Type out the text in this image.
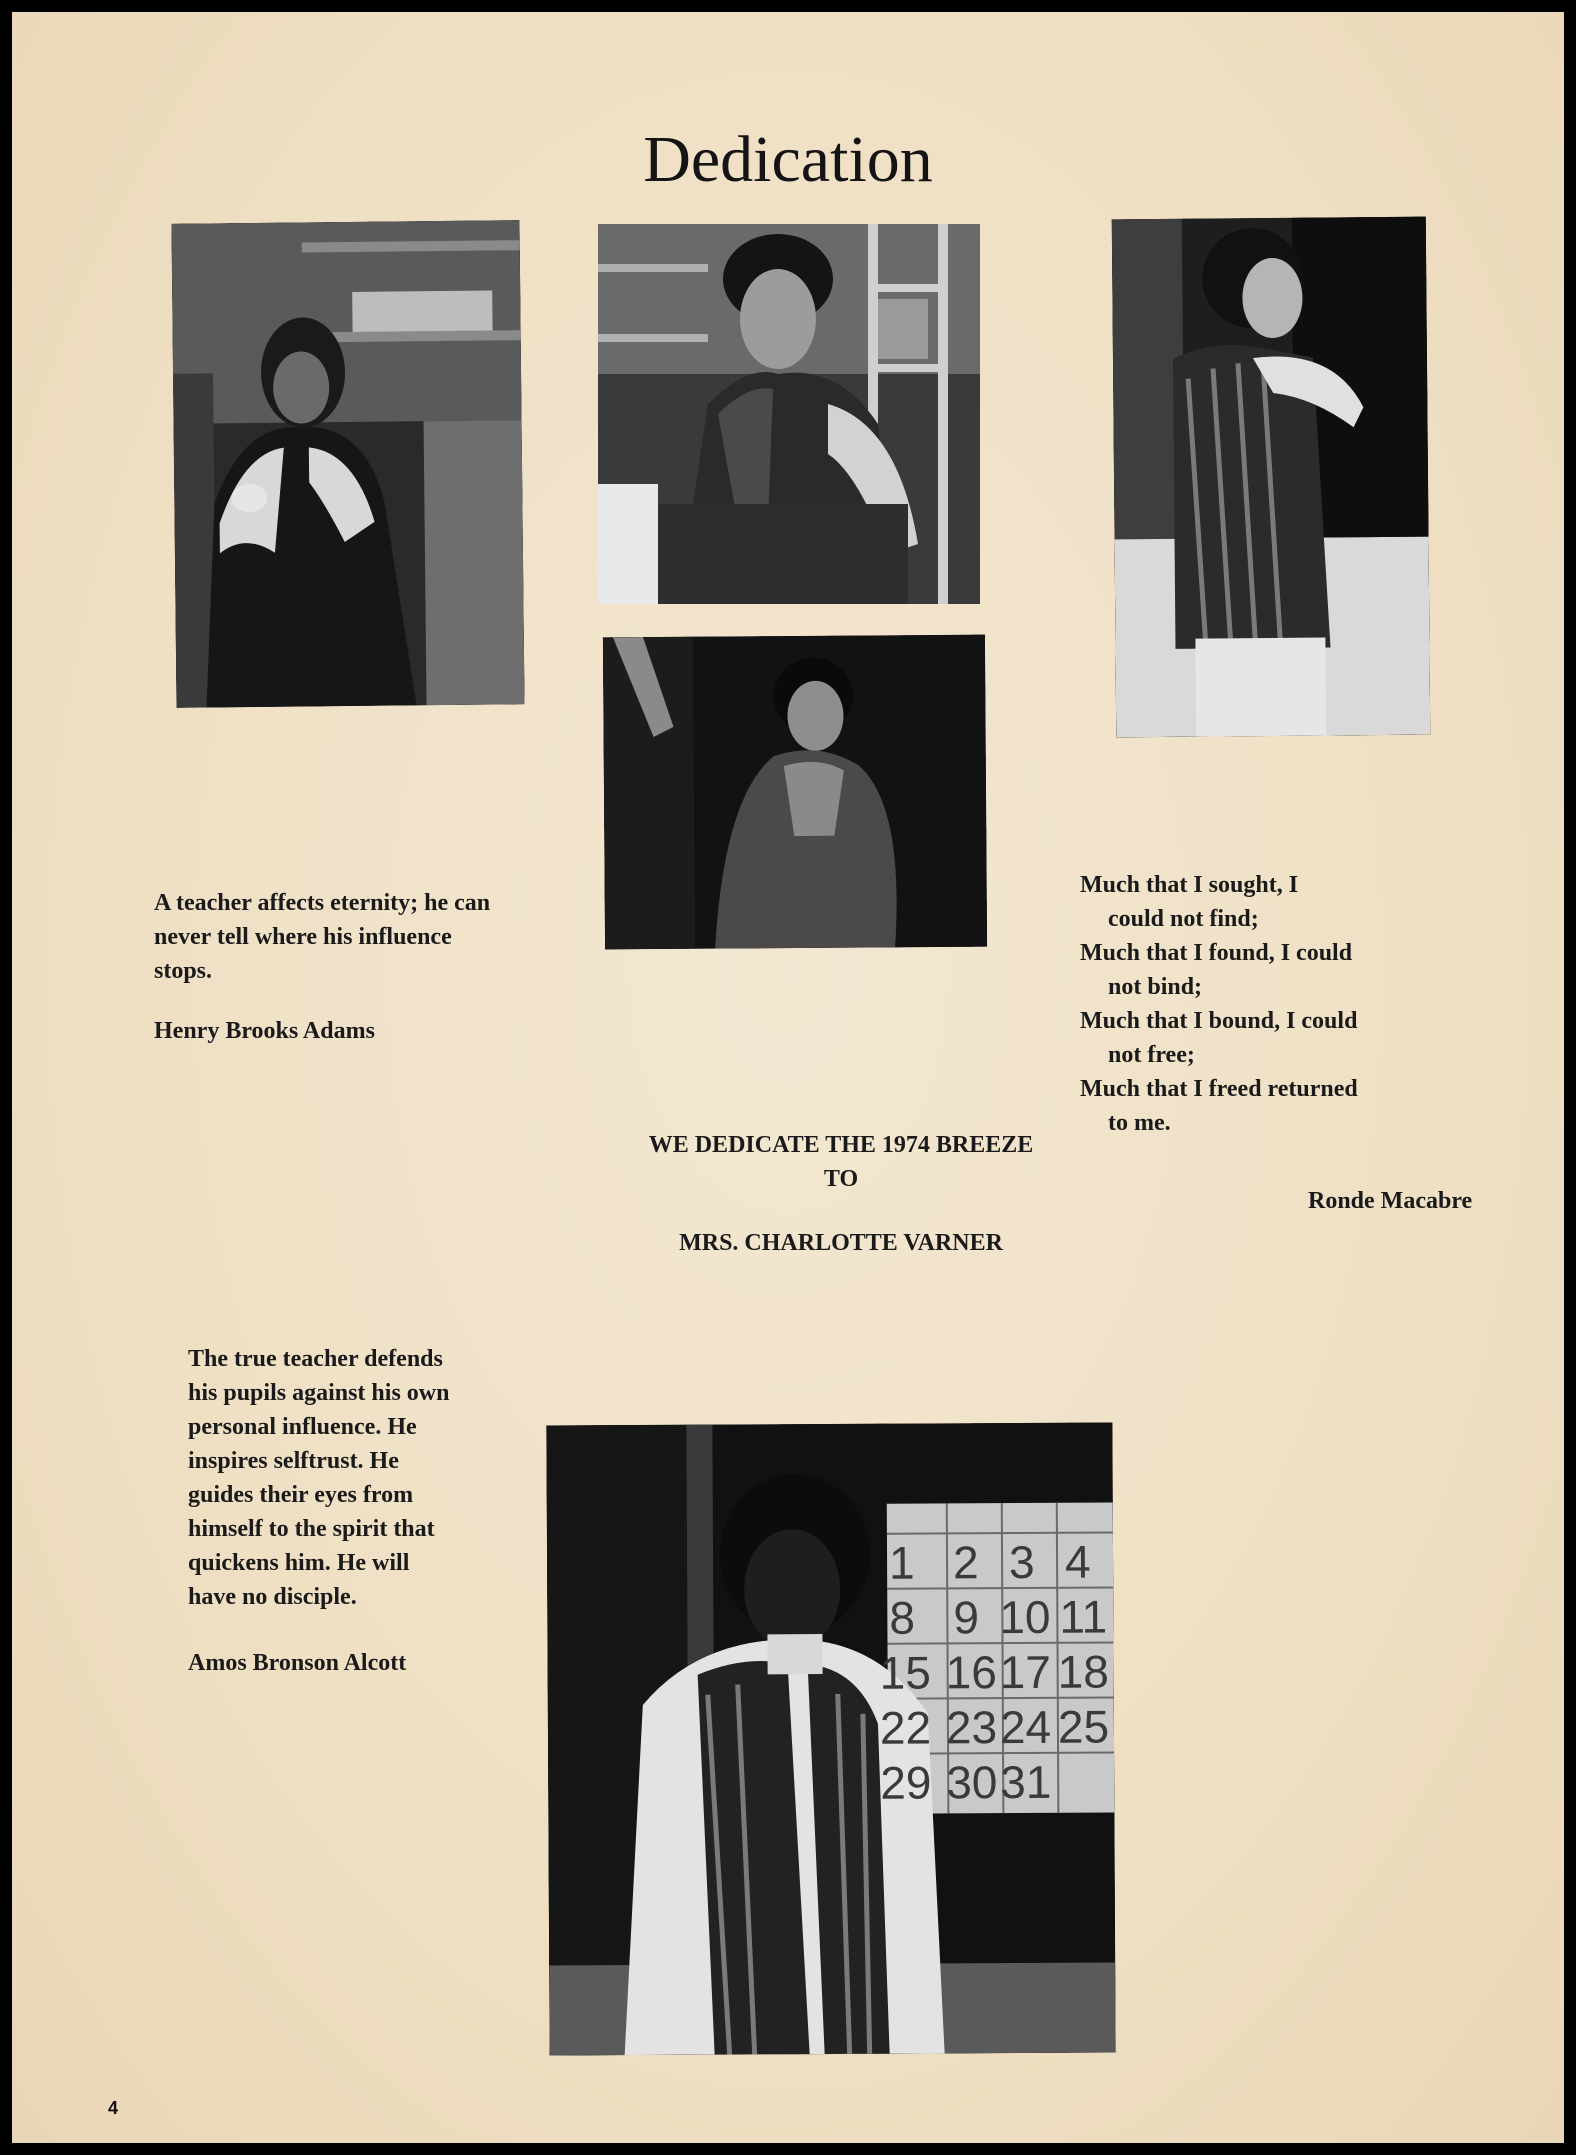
Dedication
1 2 3 4
8 9 10 11
15 16 17 18
22 23 24 25
29 30 31
A teacher affects eternity; he can
never tell where his influence
stops.
Henry Brooks Adams
Much that I sought, I
could not find;
Much that I found, I could
not bind;
Much that I bound, I could
not free;
Much that I freed returned
to me.
Ronde Macabre
WE DEDICATE THE 1974 BREEZE
TO
MRS. CHARLOTTE VARNER
The true teacher defends
his pupils against his own
personal influence. He
inspires selftrust. He
guides their eyes from
himself to the spirit that
quickens him. He will
have no disciple.
Amos Bronson Alcott
4
